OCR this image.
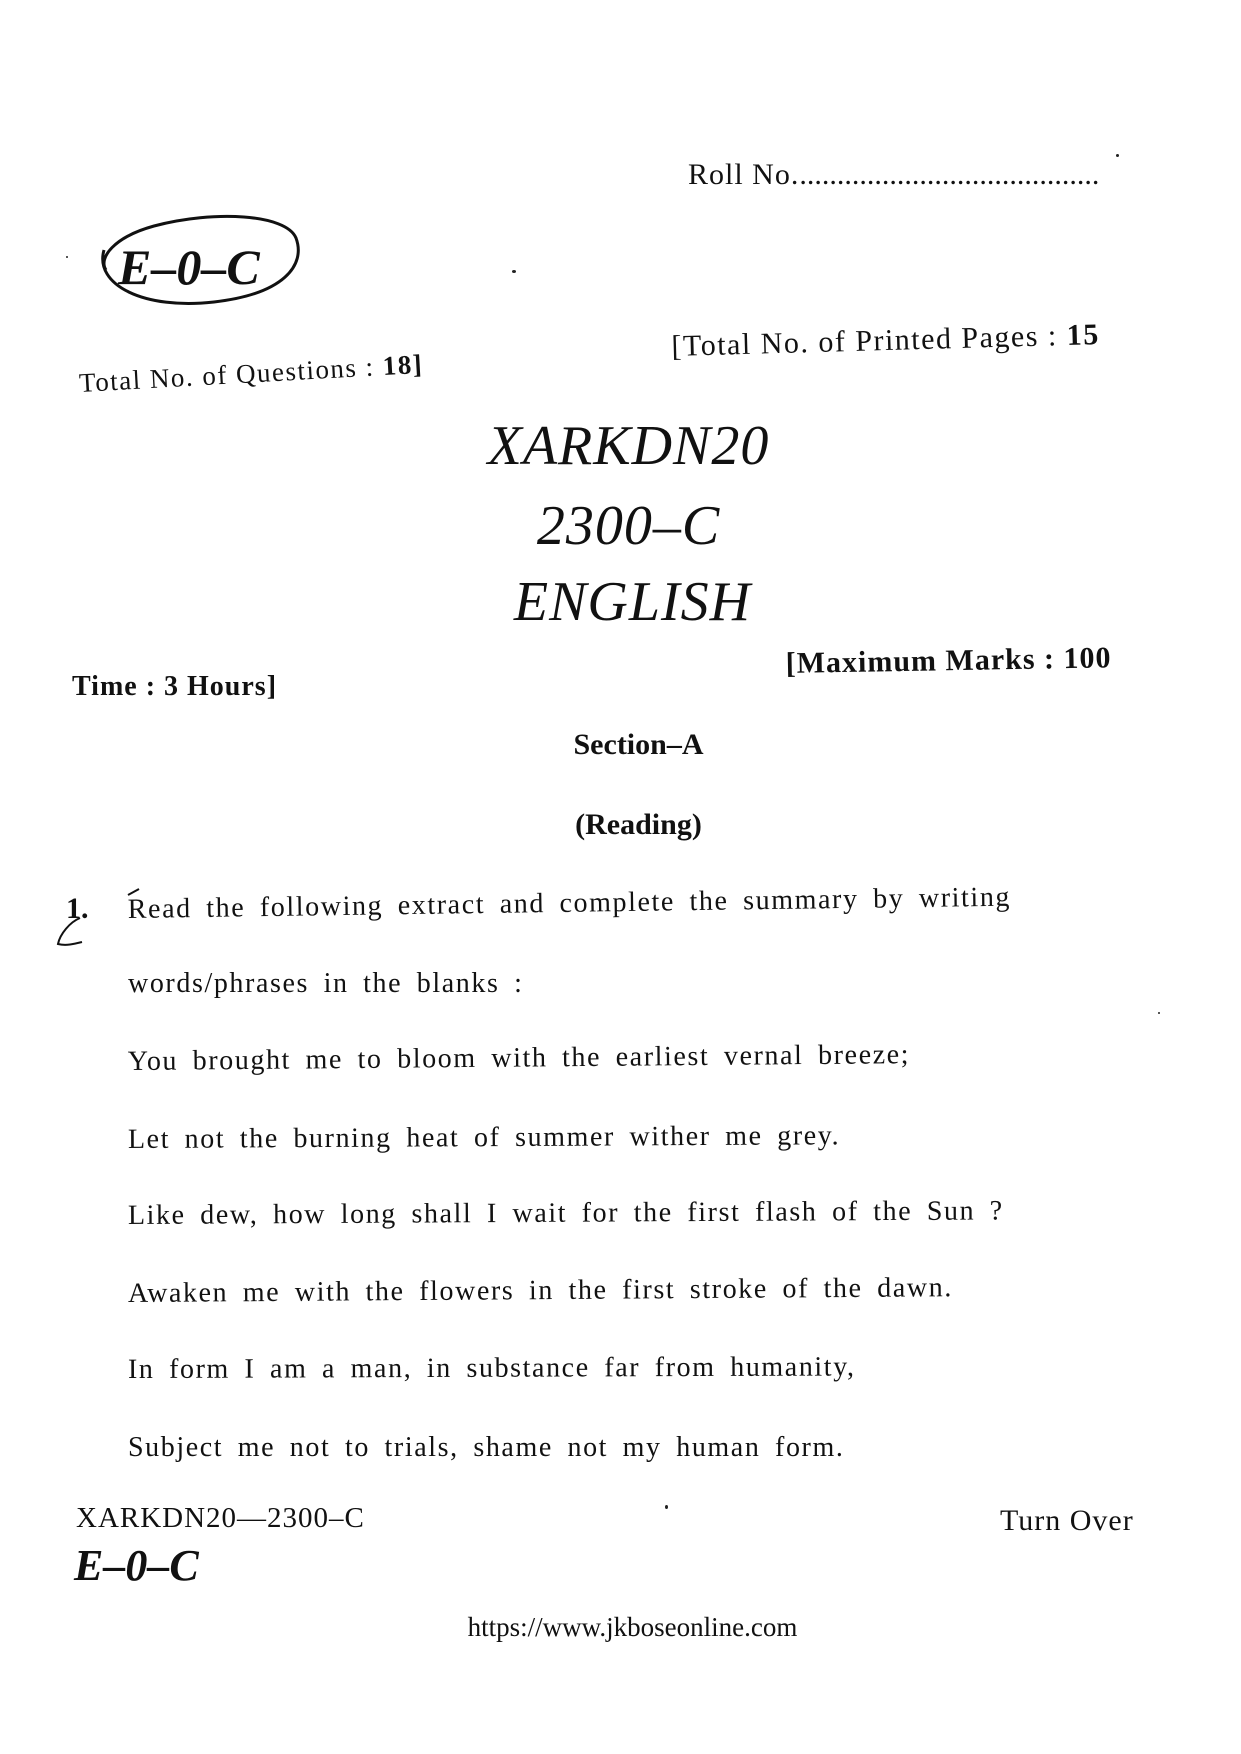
Roll No.........................................
E–0–C
Total No. of Questions : 18]
[Total No. of Printed Pages : 15
XARKDN20
2300–C
ENGLISH
Time : 3 Hours]
[Maximum Marks : 100
Section–A
(Reading)
1. Read the following extract and complete the summary by writing
words/phrases in the blanks :
You brought me to bloom with the earliest vernal breeze;
Let not the burning heat of summer wither me grey.
Like dew, how long shall I wait for the first flash of the Sun ?
Awaken me with the flowers in the first stroke of the dawn.
In form I am a man, in substance far from humanity,
Subject me not to trials, shame not my human form.
XARKDN20—2300–C
E–0–C
Turn Over
https://www.jkboseonline.com
